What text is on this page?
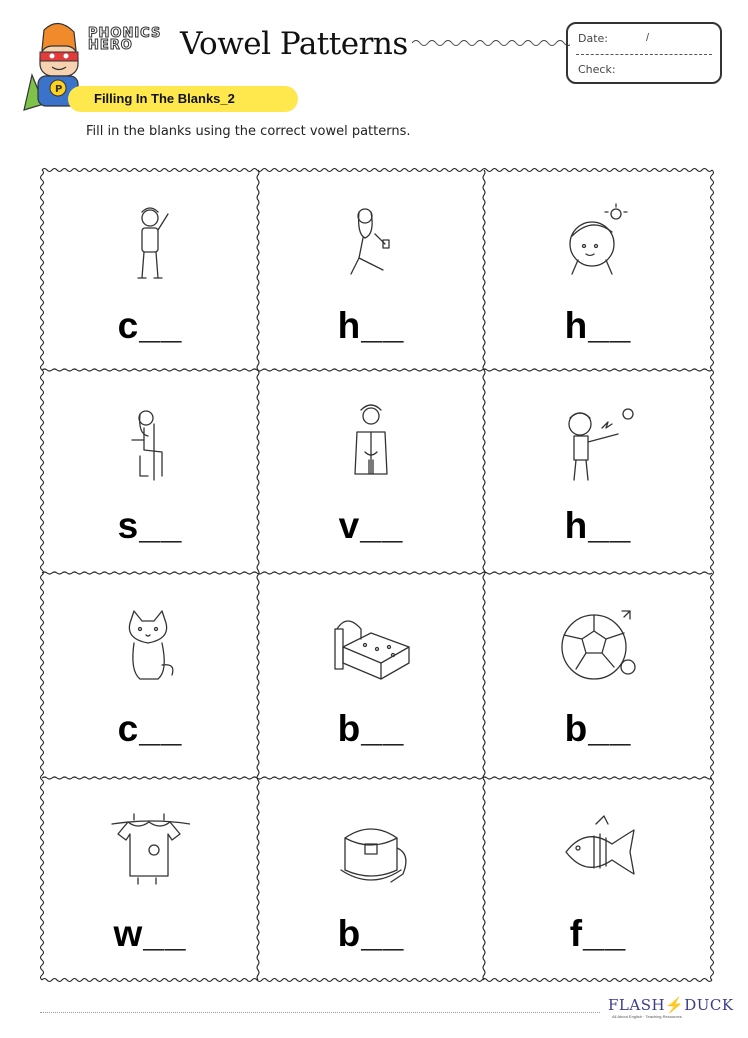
P
PHONICS
HERO	Vowel Patterns	Date:	/
Check:
Filling In The Blanks_2
Fill in the blanks using the correct vowel patterns.
c__	h__	h__
s__	v__	h__
c__	b__	b__
w__	b__	f__
FLASH⚡DUCK
All About English · Teaching Resources
